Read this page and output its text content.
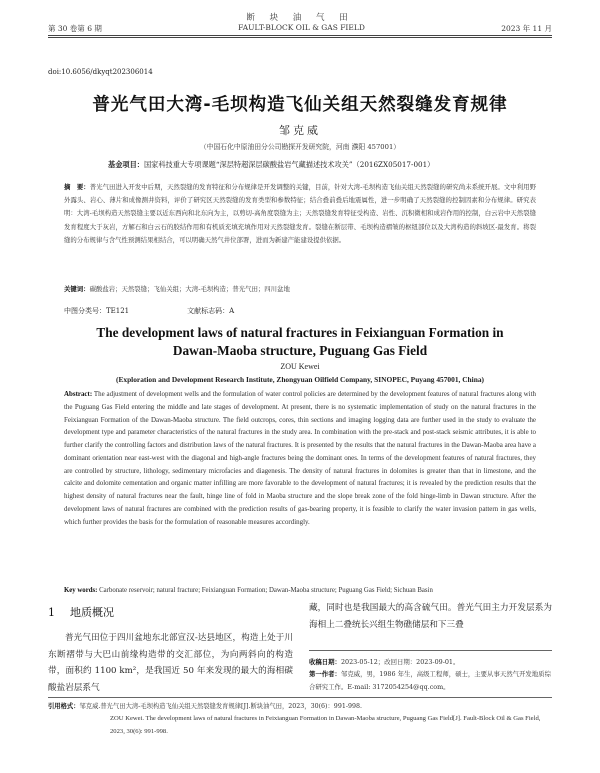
断 块 油 气 田
第 30 卷第 6 期	FAULT-BLOCK OIL & GAS FIELD	2023 年 11 月
doi:10.6056/dkyqt202306014
普光气田大湾-毛坝构造飞仙关组天然裂缝发育规律
邹克威
（中国石化中原油田分公司勘探开发研究院，河南 濮阳 457001）
基金项目：国家科技重大专项课题“深层特超深层碳酸盐岩气藏描述技术攻关”（2016ZX05017-001）
摘　要：普光气田进入开发中后期，天然裂缝的发育特征和分布规律是开发调整的关键，目前，针对大湾-毛坝构造飞仙关组天然裂缝的研究尚未系统开展。文中利用野外露头、岩心、薄片和成像测井资料，评价了研究区天然裂缝的发育类型和参数特征；结合叠前叠后地震属性，进一步明确了天然裂缝的控制因素和分布规律。研究表明：大湾-毛坝构造天然裂缝主要以近东西向和北东向为主，以剪切-高角度裂缝为主；天然裂缝发育特征受构造、岩性、沉积微相和成岩作用的控制，白云岩中天然裂缝发育程度大于灰岩，方解石和白云石的胶结作用和有机质充填充填作用对天然裂缝发育。裂缝在断层带、毛坝构造褶皱的枢纽部位以及大湾构造的斜坡区-最发育。将裂缝的分布规律与含气性预测结果相结合，可以明确天然气井位部署，进而为新建产能建设提供依据。
关键词：碳酸盐岩；天然裂缝；飞仙关组；大湾-毛坝构造；普光气田；四川盆地
中图分类号：TE121	文献标志码：A
The development laws of natural fractures in Feixianguan Formation in Dawan-Maoba structure, Puguang Gas Field
ZOU Kewei
(Exploration and Development Research Institute, Zhongyuan Oilfield Company, SINOPEC, Puyang 457001, China)
Abstract: The adjustment of development wells and the formulation of water control policies are determined by the development features of natural fractures along with the Puguang Gas Field entering the middle and late stages of development. At present, there is no systematic implementation of study on the natural fractures in the Feixianguan Formation of the Dawan-Maoba structure. The field outcrops, cores, thin sections and imaging logging data are further used in the study to evaluate the development type and parameter characteristics of the natural fractures in the study area. In combination with the pre-stack and post-stack seismic attributes, it is able to further clarify the controlling factors and distribution laws of the natural fractures. It is presented by the results that the natural fractures in the Dawan-Maoba area have a dominant orientation near east-west with the diagonal and high-angle fractures being the dominant ones. In terms of the development features of natural fractures, they are controlled by structure, lithology, sedimentary microfacies and diagenesis. The density of natural fractures in dolomites is greater than that in limestone, and the calcite and dolomite cementation and organic matter infilling are more favorable to the development of natural fractures; it is revealed by the prediction results that the highest density of natural fractures near the fault, hinge line of fold in Maoba structure and the slope break zone of the fold hinge-limb in Dawan structure. After the development laws of natural fractures are combined with the prediction results of gas-bearing property, it is feasible to clarify the water invasion pattern in gas wells, which further provides the basis for the formulation of reasonable measures accordingly.
Key words: Carbonate reservoir; natural fracture; Feixianguan Formation; Dawan-Maoba structure; Puguang Gas Field; Sichuan Basin
1 地质概况
普光气田位于四川盆地东北部宣汉-达县地区，构造上处于川东断褶带与大巴山前缘构造带的交汇部位，为向两斜向的构造带，面积约 1100 km²，是我国近 50 年来发现的最大的海相碳酸盐岩层系气
藏，同时也是我国最大的高含硫气田。普光气田主力开发层系为海相上二叠统长兴组生物礁储层和下三叠
收稿日期：2023-05-12；改回日期：2023-09-01。
第一作者：邹克威，男，1986 年生，高级工程师，硕士，主要从事天然气开发地质综合研究工作。E-mail: 3172054254@qq.com。
引用格式：邹克威.普光气田大湾-毛坝构造飞仙关组天然裂缝发育规律[J].断块油气田，2023，30(6)：991-998.
ZOU Kewei. The development laws of natural fractures in Feixianguan Formation in Dawan-Maoba structure, Puguang Gas Field[J]. Fault-Block Oil & Gas Field, 2023, 30(6): 991-998.
